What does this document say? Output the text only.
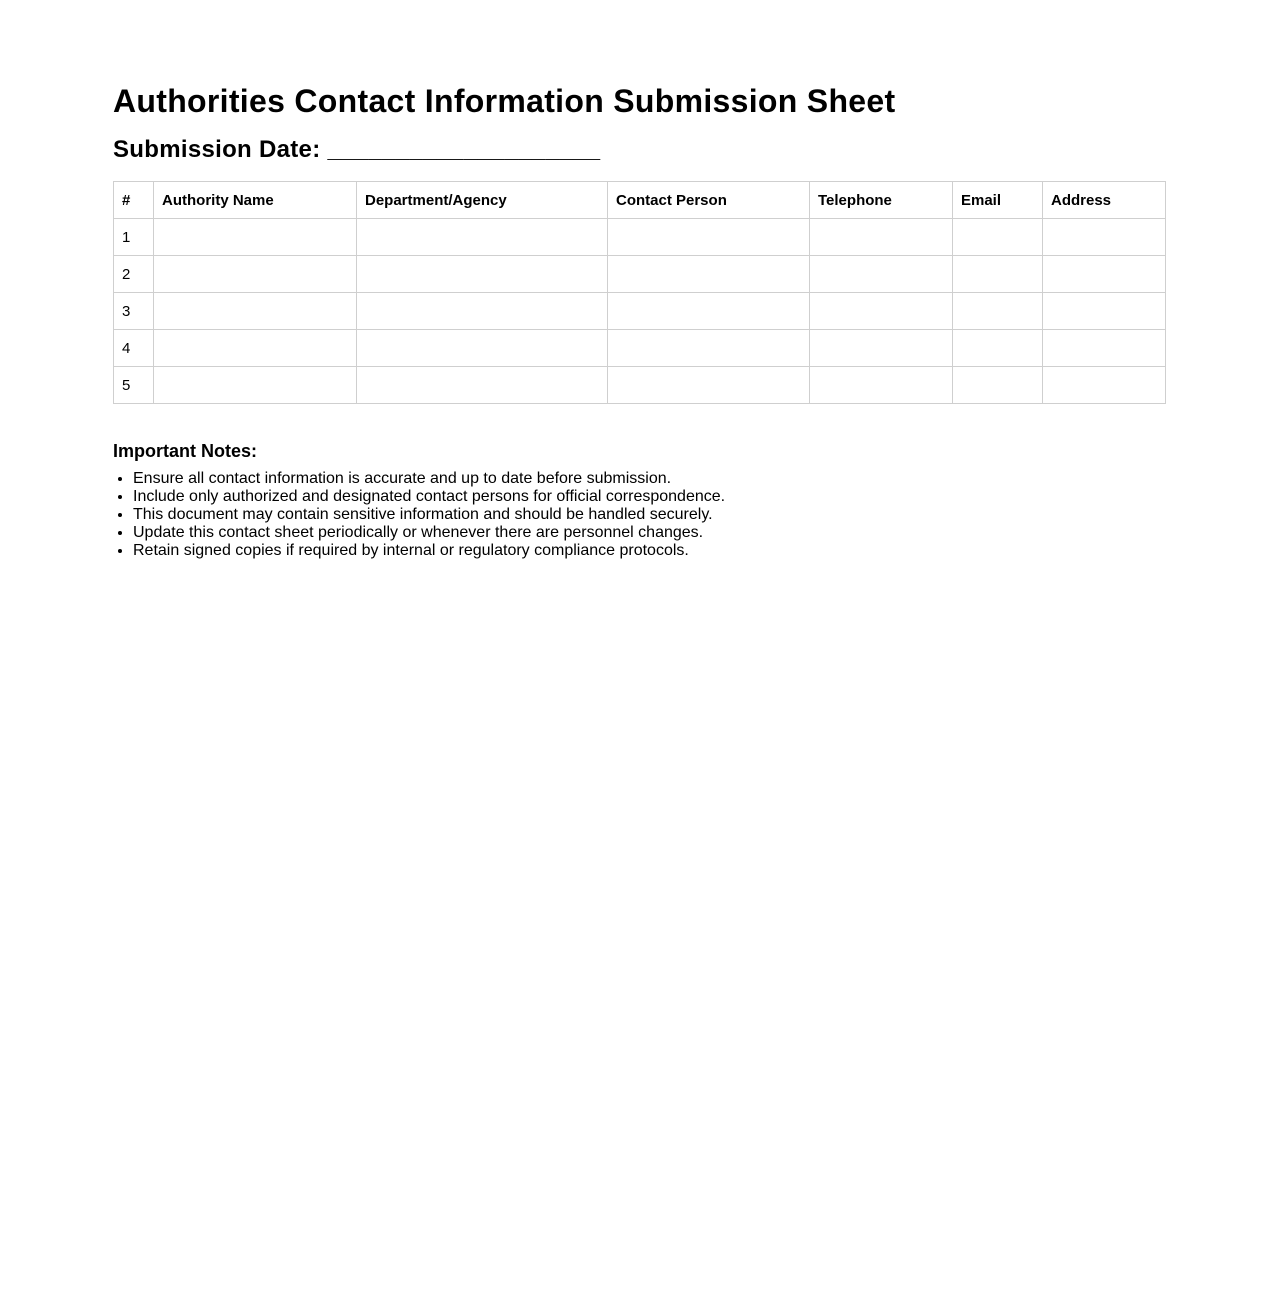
Authorities Contact Information Submission Sheet
Submission Date: ____________________
#	Authority Name	Department/Agency	Contact Person	Telephone	Email	Address
1						
2						
3						
4						
5						
Important Notes:
• Ensure all contact information is accurate and up to date before submission.
• Include only authorized and designated contact persons for official correspondence.
• This document may contain sensitive information and should be handled securely.
• Update this contact sheet periodically or whenever there are personnel changes.
• Retain signed copies if required by internal or regulatory compliance protocols.
